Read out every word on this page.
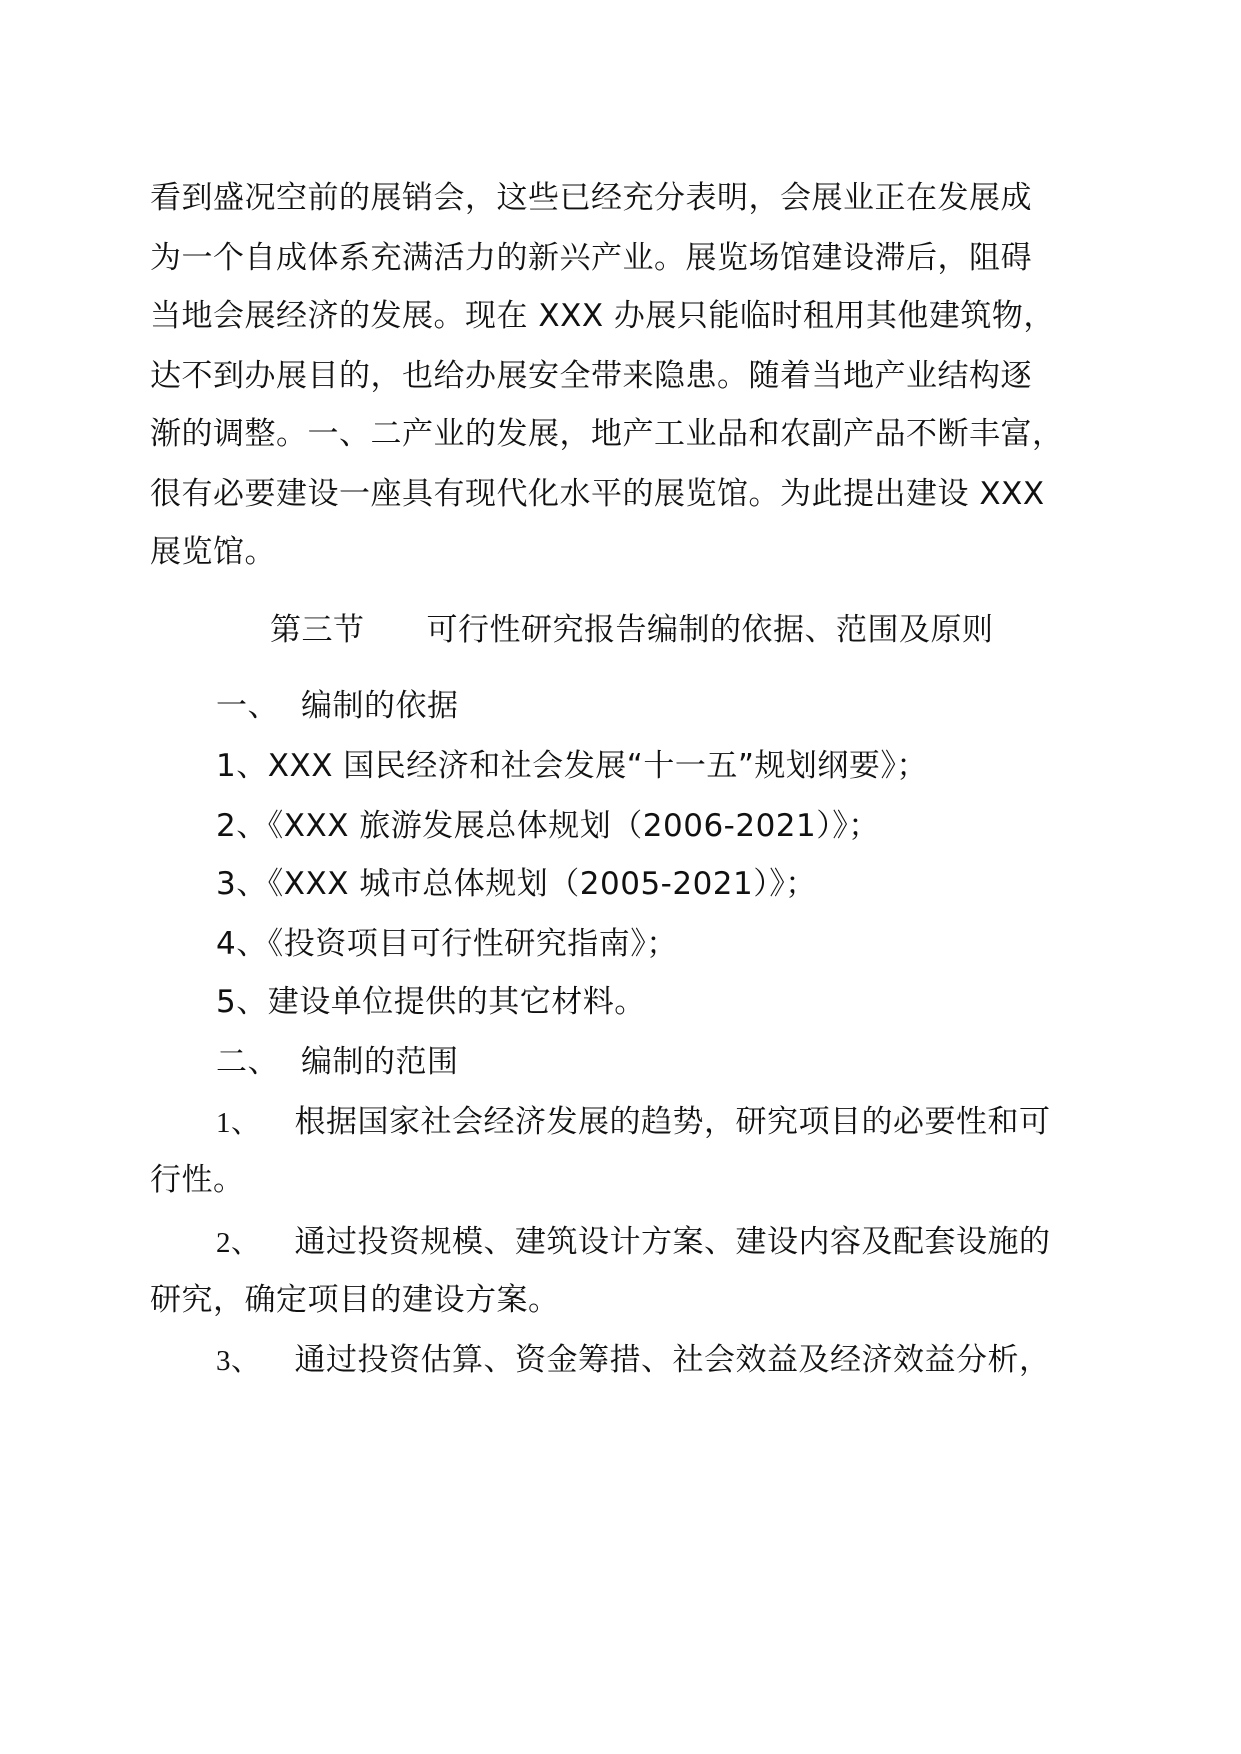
看到盛况空前的展销会，这些已经充分表明，会展业正在发展成
为一个自成体系充满活力的新兴产业。展览场馆建设滞后，阻碍
当地会展经济的发展。现在 XXX 办展只能临时租用其他建筑物，
达不到办展目的，也给办展安全带来隐患。随着当地产业结构逐
渐的调整。一、二产业的发展，地产工业品和农副产品不断丰富，
很有必要建设一座具有现代化水平的展览馆。为此提出建设 XXX
展览馆。
第三节 可行性研究报告编制的依据、范围及原则
一、 编制的依据
1、XXX 国民经济和社会发展“十一五”规划纲要》；
2、《XXX 旅游发展总体规划（2006-2021）》；
3、《XXX 城市总体规划（2005-2021）》；
4、《投资项目可行性研究指南》；
5、建设单位提供的其它材料。
二、 编制的范围
1、 根据国家社会经济发展的趋势，研究项目的必要性和可
行性。
2、 通过投资规模、建筑设计方案、建设内容及配套设施的
研究，确定项目的建设方案。
3、 通过投资估算、资金筹措、社会效益及经济效益分析，
